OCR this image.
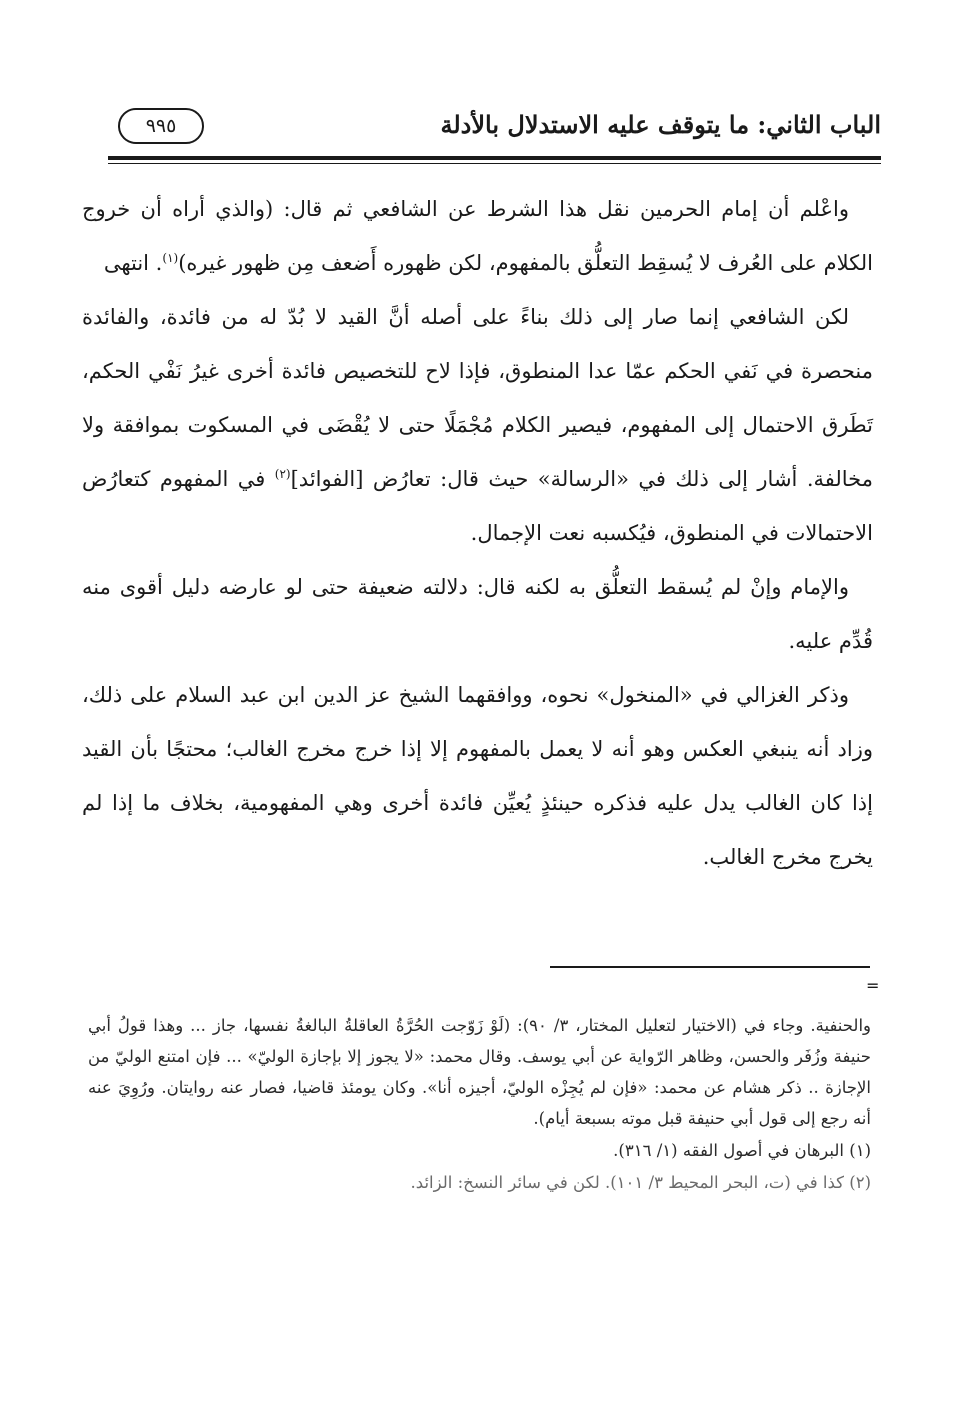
الباب الثاني: ما يتوقف عليه الاستدلال بالأدلة
٩٩٥

واعْلم أن إمام الحرمين نقل هذا الشرط عن الشافعي ثم قال: (والذي أراه أن خروج الكلام على العُرف لا يُسقِط التعلُّق بالمفهوم، لكن ظهوره أَضعف مِن ظهور غيره)$^{(١)}$. انتهى

لكن الشافعي إنما صار إلى ذلك بناءً على أصله أنَّ القيد لا بُدّ له من فائدة، والفائدة منحصرة في نَفي الحكم عمّا عدا المنطوق، فإذا لاح للتخصيص فائدة أخرى غيرُ نَفْي الحكم، تَطَرق الاحتمال إلى المفهوم، فيصير الكلام مُجْمَلًا حتى لا يُقْضَى في المسكوت بموافقة ولا مخالفة. أشار إلى ذلك في «الرسالة» حيث قال: تعارُض [الفوائد]$^{(٢)}$ في المفهوم كتعارُض الاحتمالات في المنطوق، فيُكسبه نعت الإجمال.

والإمام وإنْ لم يُسقط التعلُّق به لكنه قال: دلالته ضعيفة حتى لو عارضه دليل أقوى منه قُدِّم عليه.

وذكر الغزالي في «المنخول» نحوه، ووافقهما الشيخ عز الدين ابن عبد السلام على ذلك، وزاد أنه ينبغي العكس وهو أنه لا يعمل بالمفهوم إلا إذا خرج مخرج الغالب؛ محتجًا بأن القيد إذا كان الغالب يدل عليه فذكره حينئذٍ يُعيِّن فائدة أخرى وهي المفهومية، بخلاف ما إذا لم يخرج مخرج الغالب.

=

والحنفية. وجاء في (الاختيار لتعليل المختار، ٣/ ٩٠): (لَوْ زَوّجت الحُرَّةُ العاقلةُ البالغةُ نفسها، جاز ... وهذا قولُ أبي حنيفة وزُفَر والحسن، وظاهر الرّواية عن أبي يوسف. وقال محمد: «لا يجوز إلا بإجازة الوليّ» ... فإن امتنع الوليّ من الإجازة .. ذكر هشام عن محمد: «فإن لم يُجِزْه الوليّ، أجيزه أنا». وكان يومئذ قاضيا، فصار عنه روايتان. ورُوِيَ عنه أنه رجع إلى قول أبي حنيفة قبل موته بسبعة أيام).

(١) البرهان في أصول الفقه (١/ ٣١٦).

(٢) كذا في (ت، البحر المحيط ٣/ ١٠١). لكن في سائر النسخ: الزائد.
